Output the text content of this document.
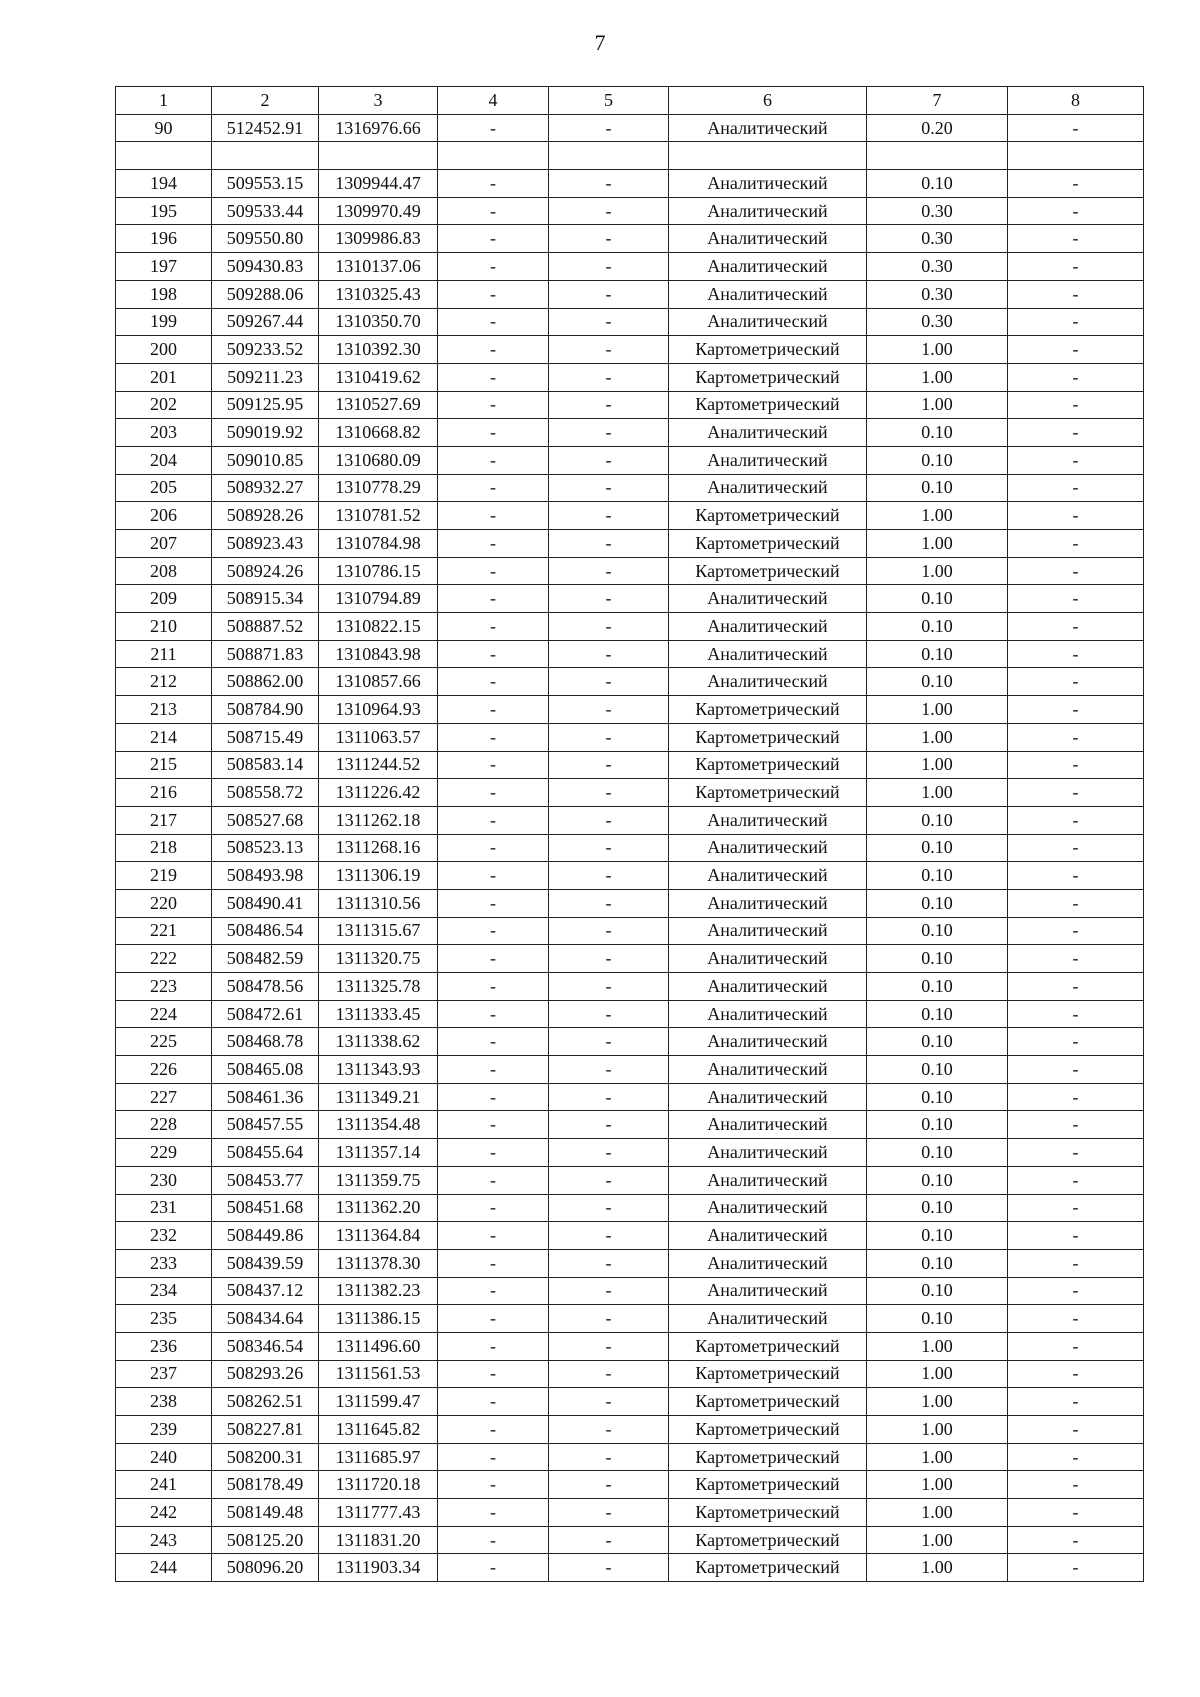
7
1	2	3	4	5	6	7	8
90	512452.91	1316976.66	-	-	Аналитический	0.20	-

194	509553.15	1309944.47	-	-	Аналитический	0.10	-
195	509533.44	1309970.49	-	-	Аналитический	0.30	-
196	509550.80	1309986.83	-	-	Аналитический	0.30	-
197	509430.83	1310137.06	-	-	Аналитический	0.30	-
198	509288.06	1310325.43	-	-	Аналитический	0.30	-
199	509267.44	1310350.70	-	-	Аналитический	0.30	-
200	509233.52	1310392.30	-	-	Картометрический	1.00	-
201	509211.23	1310419.62	-	-	Картометрический	1.00	-
202	509125.95	1310527.69	-	-	Картометрический	1.00	-
203	509019.92	1310668.82	-	-	Аналитический	0.10	-
204	509010.85	1310680.09	-	-	Аналитический	0.10	-
205	508932.27	1310778.29	-	-	Аналитический	0.10	-
206	508928.26	1310781.52	-	-	Картометрический	1.00	-
207	508923.43	1310784.98	-	-	Картометрический	1.00	-
208	508924.26	1310786.15	-	-	Картометрический	1.00	-
209	508915.34	1310794.89	-	-	Аналитический	0.10	-
210	508887.52	1310822.15	-	-	Аналитический	0.10	-
211	508871.83	1310843.98	-	-	Аналитический	0.10	-
212	508862.00	1310857.66	-	-	Аналитический	0.10	-
213	508784.90	1310964.93	-	-	Картометрический	1.00	-
214	508715.49	1311063.57	-	-	Картометрический	1.00	-
215	508583.14	1311244.52	-	-	Картометрический	1.00	-
216	508558.72	1311226.42	-	-	Картометрический	1.00	-
217	508527.68	1311262.18	-	-	Аналитический	0.10	-
218	508523.13	1311268.16	-	-	Аналитический	0.10	-
219	508493.98	1311306.19	-	-	Аналитический	0.10	-
220	508490.41	1311310.56	-	-	Аналитический	0.10	-
221	508486.54	1311315.67	-	-	Аналитический	0.10	-
222	508482.59	1311320.75	-	-	Аналитический	0.10	-
223	508478.56	1311325.78	-	-	Аналитический	0.10	-
224	508472.61	1311333.45	-	-	Аналитический	0.10	-
225	508468.78	1311338.62	-	-	Аналитический	0.10	-
226	508465.08	1311343.93	-	-	Аналитический	0.10	-
227	508461.36	1311349.21	-	-	Аналитический	0.10	-
228	508457.55	1311354.48	-	-	Аналитический	0.10	-
229	508455.64	1311357.14	-	-	Аналитический	0.10	-
230	508453.77	1311359.75	-	-	Аналитический	0.10	-
231	508451.68	1311362.20	-	-	Аналитический	0.10	-
232	508449.86	1311364.84	-	-	Аналитический	0.10	-
233	508439.59	1311378.30	-	-	Аналитический	0.10	-
234	508437.12	1311382.23	-	-	Аналитический	0.10	-
235	508434.64	1311386.15	-	-	Аналитический	0.10	-
236	508346.54	1311496.60	-	-	Картометрический	1.00	-
237	508293.26	1311561.53	-	-	Картометрический	1.00	-
238	508262.51	1311599.47	-	-	Картометрический	1.00	-
239	508227.81	1311645.82	-	-	Картометрический	1.00	-
240	508200.31	1311685.97	-	-	Картометрический	1.00	-
241	508178.49	1311720.18	-	-	Картометрический	1.00	-
242	508149.48	1311777.43	-	-	Картометрический	1.00	-
243	508125.20	1311831.20	-	-	Картометрический	1.00	-
244	508096.20	1311903.34	-	-	Картометрический	1.00	-
